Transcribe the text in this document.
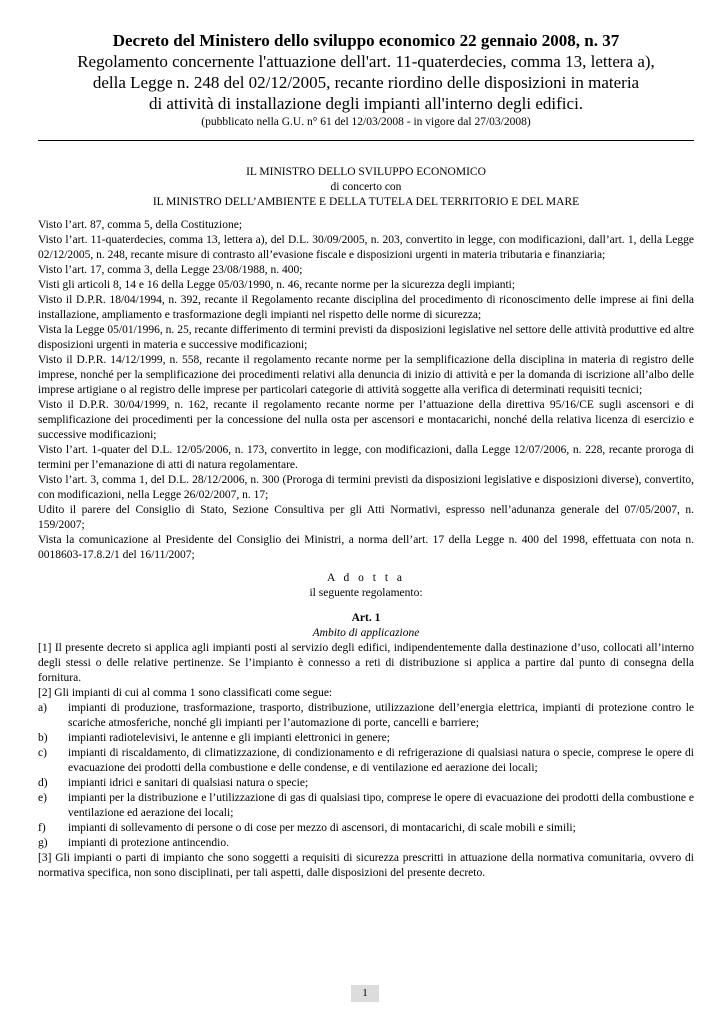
Decreto del Ministero dello sviluppo economico 22 gennaio 2008, n. 37
Regolamento concernente l'attuazione dell'art. 11-quaterdecies, comma 13, lettera a),
della Legge n. 248 del 02/12/2005, recante riordino delle disposizioni in materia
di attività di installazione degli impianti all'interno degli edifici.
(pubblicato nella G.U. n° 61 del 12/03/2008 - in vigore dal 27/03/2008)
IL MINISTRO DELLO SVILUPPO ECONOMICO
di concerto con
IL MINISTRO DELL’AMBIENTE E DELLA TUTELA DEL TERRITORIO E DEL MARE
Visto l’art. 87, comma 5, della Costituzione;
Visto l’art. 11-quaterdecies, comma 13, lettera a), del D.L. 30/09/2005, n. 203, convertito in legge, con modificazioni, dall’art. 1, della Legge 02/12/2005, n. 248, recante misure di contrasto all’evasione fiscale e disposizioni urgenti in materia tributaria e finanziaria;
Visto l’art. 17, comma 3, della Legge 23/08/1988, n. 400;
Visti gli articoli 8, 14 e 16 della Legge 05/03/1990, n. 46, recante norme per la sicurezza degli impianti;
Visto il D.P.R. 18/04/1994, n. 392, recante il Regolamento recante disciplina del procedimento di riconoscimento delle imprese ai fini della installazione, ampliamento e trasformazione degli impianti nel rispetto delle norme di sicurezza;
Vista la Legge 05/01/1996, n. 25, recante differimento di termini previsti da disposizioni legislative nel settore delle attività produttive ed altre disposizioni urgenti in materia e successive modificazioni;
Visto il D.P.R. 14/12/1999, n. 558, recante il regolamento recante norme per la semplificazione della disciplina in materia di registro delle imprese, nonché per la semplificazione dei procedimenti relativi alla denuncia di inizio di attività e per la domanda di iscrizione all’albo delle imprese artigiane o al registro delle imprese per particolari categorie di attività soggette alla verifica di determinati requisiti tecnici;
Visto il D.P.R. 30/04/1999, n. 162, recante il regolamento recante norme per l’attuazione della direttiva 95/16/CE sugli ascensori e di semplificazione dei procedimenti per la concessione del nulla osta per ascensori e montacarichi, nonché della relativa licenza di esercizio e successive modificazioni;
Visto l’art. 1-quater del D.L. 12/05/2006, n. 173, convertito in legge, con modificazioni, dalla Legge 12/07/2006, n. 228, recante proroga di termini per l’emanazione di atti di natura regolamentare.
Visto l’art. 3, comma 1, del D.L. 28/12/2006, n. 300 (Proroga di termini previsti da disposizioni legislative e disposizioni diverse), convertito, con modificazioni, nella Legge 26/02/2007, n. 17;
Udito il parere del Consiglio di Stato, Sezione Consultiva per gli Atti Normativi, espresso nell’adunanza generale del 07/05/2007, n. 159/2007;
Vista la comunicazione al Presidente del Consiglio dei Ministri, a norma dell’art. 17 della Legge n. 400 del 1998, effettuata con nota n. 0018603-17.8.2/1 del 16/11/2007;
A d o t t a
il seguente regolamento:
Art. 1
Ambito di applicazione
[1] Il presente decreto si applica agli impianti posti al servizio degli edifici, indipendentemente dalla destinazione d’uso, collocati all’interno degli stessi o delle relative pertinenze. Se l’impianto è connesso a reti di distribuzione si applica a partire dal punto di consegna della fornitura.
[2] Gli impianti di cui al comma 1 sono classificati come segue:
a)	impianti di produzione, trasformazione, trasporto, distribuzione, utilizzazione dell’energia elettrica, impianti di protezione contro le scariche atmosferiche, nonché gli impianti per l’automazione di porte, cancelli e barriere;
b)	impianti radiotelevisivi, le antenne e gli impianti elettronici in genere;
c)	impianti di riscaldamento, di climatizzazione, di condizionamento e di refrigerazione di qualsiasi natura o specie, comprese le opere di evacuazione dei prodotti della combustione e delle condense, e di ventilazione ed aerazione dei locali;
d)	impianti idrici e sanitari di qualsiasi natura o specie;
e)	impianti per la distribuzione e l’utilizzazione di gas di qualsiasi tipo, comprese le opere di evacuazione dei prodotti della combustione e ventilazione ed aerazione dei locali;
f)	impianti di sollevamento di persone o di cose per mezzo di ascensori, di montacarichi, di scale mobili e simili;
g)	impianti di protezione antincendio.
[3] Gli impianti o parti di impianto che sono soggetti a requisiti di sicurezza prescritti in attuazione della normativa comunitaria, ovvero di normativa specifica, non sono disciplinati, per tali aspetti, dalle disposizioni del presente decreto.
1
